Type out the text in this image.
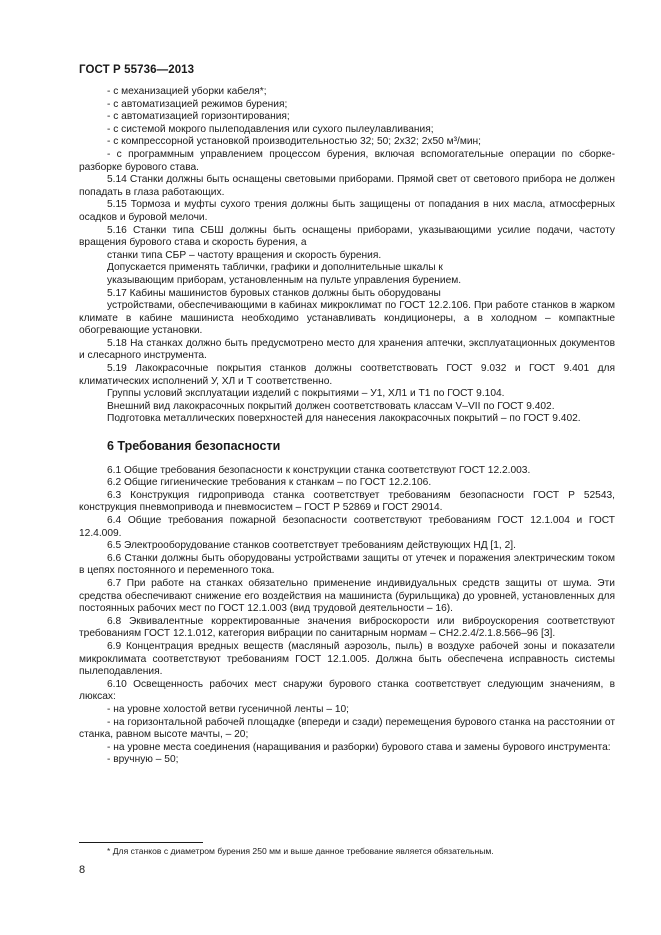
ГОСТ Р 55736—2013

- с механизацией уборки кабеля*;

- с автоматизацией режимов бурения;

- с автоматизацией горизонтирования;

- с системой мокрого пылеподавления или сухого пылеулавливания;

- с компрессорной установкой производительностью 32; 50; 2х32; 2х50 м³/мин;

- с программным управлением процессом бурения, включая вспомогательные операции по сборке-разборке бурового става.

5.14 Станки должны быть оснащены световыми приборами. Прямой свет от светового прибора не должен попадать в глаза работающих.

5.15 Тормоза и муфты сухого трения должны быть защищены от попадания в них масла, атмосферных осадков и буровой мелочи.

5.16 Станки типа СБШ должны быть оснащены приборами, указывающими усилие подачи, частоту вращения бурового става и скорость бурения, а

станки типа СБР – частоту вращения и скорость бурения.

Допускается применять таблички, графики и дополнительные шкалы к

указывающим приборам, установленным на пульте управления бурением.

5.17 Кабины машинистов буровых станков должны быть оборудованы

устройствами, обеспечивающими в кабинах микроклимат по ГОСТ 12.2.106. При работе станков в жарком климате в кабине машиниста необходимо устанавливать кондиционеры, а в холодном – компактные обогревающие установки.

5.18 На станках должно быть предусмотрено место для хранения аптечки, эксплуатационных документов и слесарного инструмента.

5.19 Лакокрасочные покрытия станков должны соответствовать ГОСТ 9.032 и ГОСТ 9.401 для климатических исполнений У, ХЛ и Т соответственно.

Группы условий эксплуатации изделий с покрытиями – У1, ХЛ1 и Т1 по ГОСТ 9.104.

Внешний вид лакокрасочных покрытий должен соответствовать классам V–VII по ГОСТ 9.402.

Подготовка металлических поверхностей для нанесения лакокрасочных покрытий – по ГОСТ 9.402.

6 Требования безопасности

6.1 Общие требования безопасности к конструкции станка соответствуют ГОСТ 12.2.003.

6.2 Общие гигиенические требования к станкам – по ГОСТ 12.2.106.

6.3 Конструкция гидропривода станка соответствует требованиям безопасности ГОСТ Р 52543, конструкция пневмопривода и пневмосистем – ГОСТ Р 52869 и ГОСТ 29014.

6.4 Общие требования пожарной безопасности соответствуют требованиям ГОСТ 12.1.004 и ГОСТ 12.4.009.

6.5 Электрооборудование станков соответствует требованиям действующих НД [1, 2].

6.6 Станки должны быть оборудованы устройствами защиты от утечек и поражения электрическим током в цепях постоянного и переменного тока.

6.7 При работе на станках обязательно применение индивидуальных средств защиты от шума. Эти средства обеспечивают снижение его воздействия на машиниста (бурильщика) до уровней, установленных для постоянных рабочих мест по ГОСТ 12.1.003 (вид трудовой деятельности – 16).

6.8 Эквивалентные корректированные значения виброскорости или виброускорения соответствуют требованиям ГОСТ 12.1.012, категория вибрации по санитарным нормам – СН2.2.4/2.1.8.566–96 [3].

6.9 Концентрация вредных веществ (масляный аэрозоль, пыль) в воздухе рабочей зоны и показатели микроклимата соответствуют требованиям ГОСТ 12.1.005. Должна быть обеспечена исправность системы пылеподавления.

6.10 Освещенность рабочих мест снаружи бурового станка соответствует следующим значениям, в люксах:

- на уровне холостой ветви гусеничной ленты – 10;

- на горизонтальной рабочей площадке (впереди и сзади) перемещения бурового станка на расстоянии от станка, равном высоте мачты, – 20;

- на уровне места соединения (наращивания и разборки) бурового става и замены бурового инструмента:

- вручную – 50;

* Для станков с диаметром бурения 250 мм и выше данное требование является обязательным.
8
